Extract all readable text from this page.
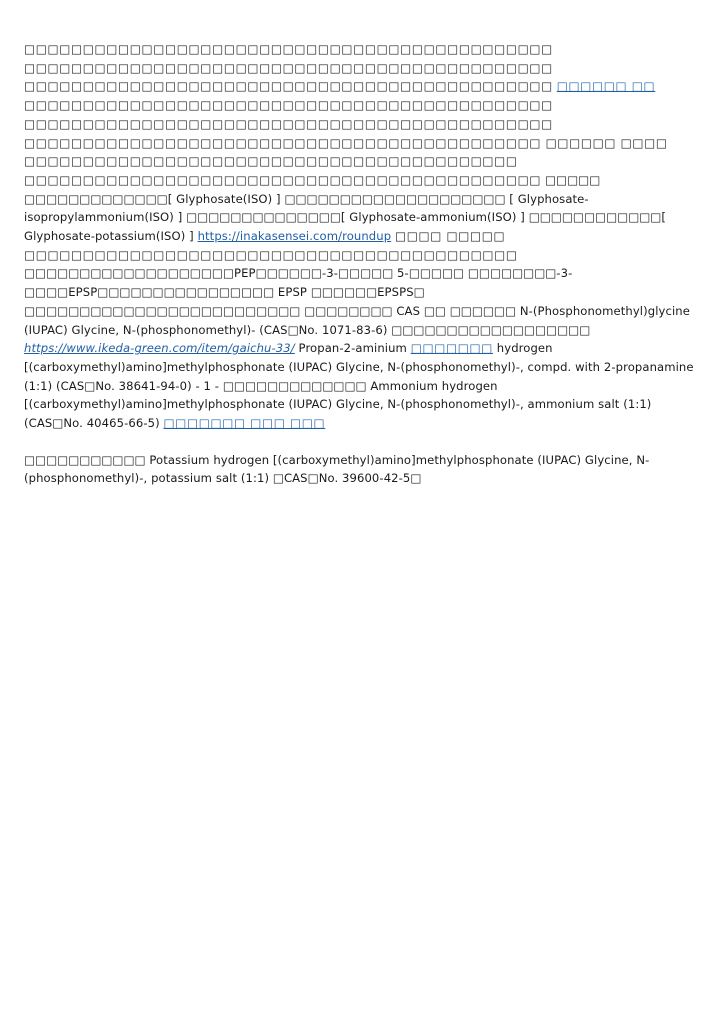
□□□□□□□□□□□□□□□□□□□□□□□□□□□□□□□□□□□□□□□□□□□□□
□□□□□□□□□□□□□□□□□□□□□□□□□□□□□□□□□□□□□□□□□□□□□
□□□□□□□□□□□□□□□□□□□□□□□□□□□□□□□□□□□□□□□□□□□□□ □□□□□□ □□
□□□□□□□□□□□□□□□□□□□□□□□□□□□□□□□□□□□□□□□□□□□□□
□□□□□□□□□□□□□□□□□□□□□□□□□□□□□□□□□□□□□□□□□□□□□
□□□□□□□□□□□□□□□□□□□□□□□□□□□□□□□□□□□□□□□□□□□□ □□□□□□ □□□□
□□□□□□□□□□□□□□□□□□□□□□□□□□□□□□□□□□□□□□□□□□ □□□□□□□□□□□□□□□□□□□□□□□□□□□□□□□□□□□□□□□□□□□□ □□□□□ □□□□□□□□□□□□□[ Glyphosate(ISO) ] □□□□□□□□□□□□□□□□□□□□ [ Glyphosate-isopropylammonium(ISO) ] □□□□□□□□□□□□□□[ Glyphosate-ammonium(ISO) ] □□□□□□□□□□□□[ Glyphosate-potassium(ISO) ] https://inakasensei.com/roundup □□□□ □□□□□ □□□□□□□□□□□□□□□□□□□□□□□□□□□□□□□□□□□□□□□□□□ □□□□□□□□□□□□□□□□□□□PEP□□□□□□-3-□□□□□ 5-□□□□□ □□□□□□□□-3-□□□□EPSP□□□□□□□□□□□□□□□□ EPSP □□□□□□EPSPS□ □□□□□□□□□□□□□□□□□□□□□□□□□ □□□□□□□□ CAS □□ □□□□□□ N-(Phosphonomethyl)glycine (IUPAC) Glycine, N-(phosphonomethyl)- (CAS□No. 1071-83-6) □□□□□□□□□□□□□□□□□□ https://www.ikeda-green.com/item/gaichu-33/ Propan-2-aminium □□□□□□□ hydrogen [(carboxymethyl)amino]methylphosphonate (IUPAC) Glycine, N-(phosphonomethyl)-, compd. with 2-propanamine (1:1) (CAS□No. 38641-94-0) - 1 - □□□□□□□□□□□□□ Ammonium hydrogen [(carboxymethyl)amino]methylphosphonate (IUPAC) Glycine, N-(phosphonomethyl)-, ammonium salt (1:1) (CAS□No. 40465-66-5) □□□□□□□ □□□ □□□

□□□□□□□□□□□ Potassium hydrogen [(carboxymethyl)amino]methylphosphonate (IUPAC) Glycine, N-(phosphonomethyl)-, potassium salt (1:1) □CAS□No. 39600-42-5□
